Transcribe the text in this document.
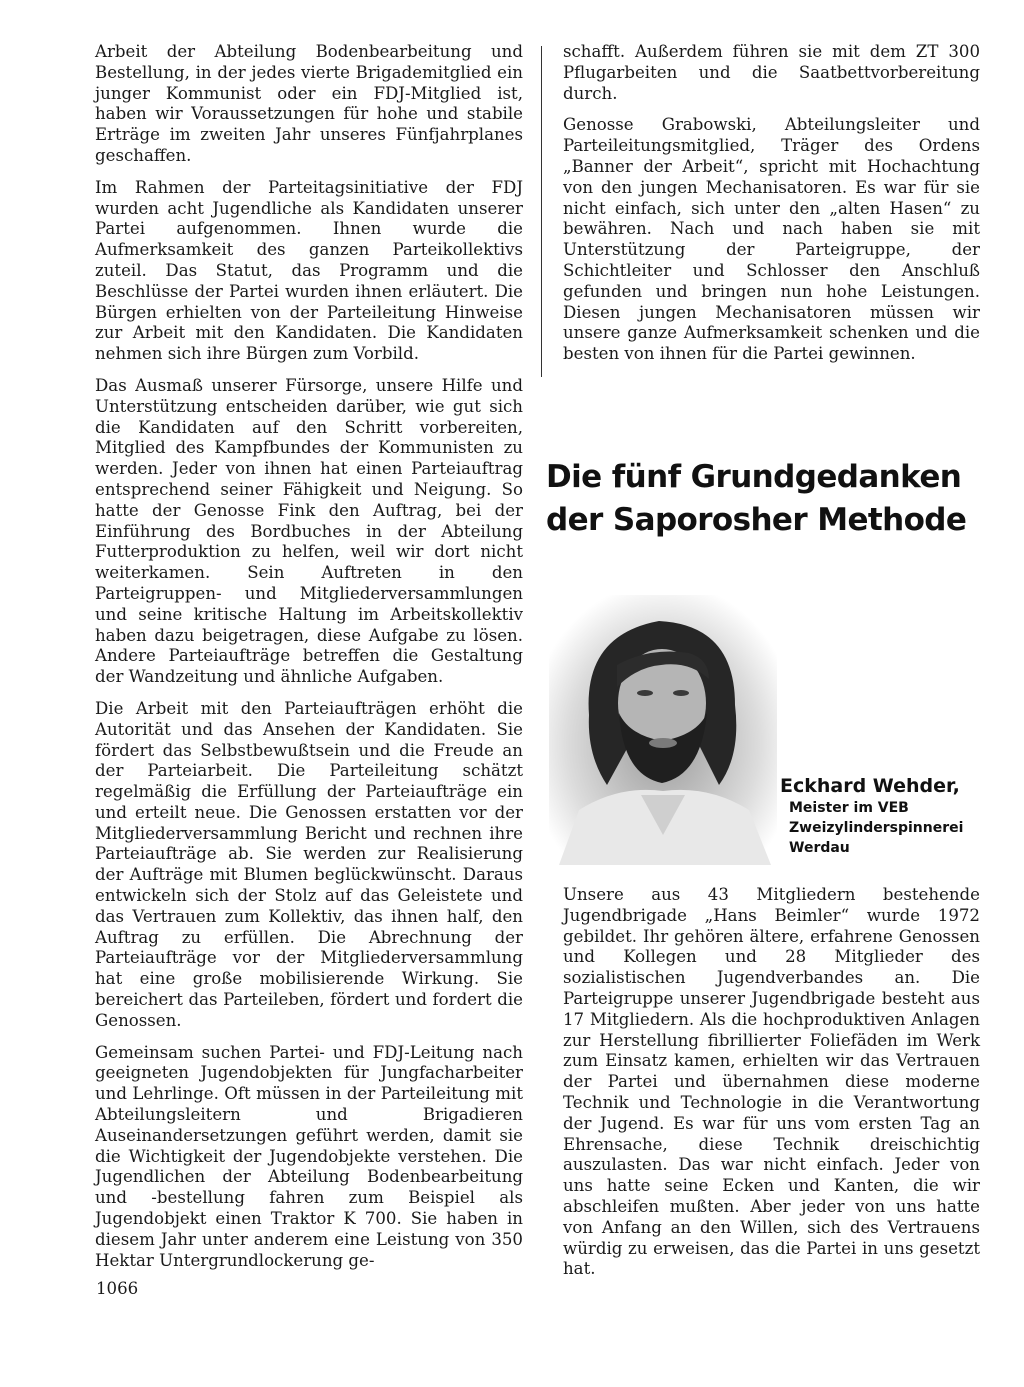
Arbeit der Abteilung Bodenbearbeitung und Bestellung, in der jedes vierte Brigademitglied ein junger Kommunist oder ein FDJ-Mitglied ist, haben wir Voraussetzungen für hohe und stabile Erträge im zweiten Jahr unseres Fünfjahrplanes geschaffen.

Im Rahmen der Parteitagsinitiative der FDJ wurden acht Jugendliche als Kandidaten unserer Partei aufgenommen. Ihnen wurde die Aufmerksamkeit des ganzen Parteikollektivs zuteil. Das Statut, das Programm und die Beschlüsse der Partei wurden ihnen erläutert. Die Bürgen erhielten von der Parteileitung Hinweise zur Arbeit mit den Kandidaten. Die Kandidaten nehmen sich ihre Bürgen zum Vorbild.

Das Ausmaß unserer Fürsorge, unsere Hilfe und Unterstützung entscheiden darüber, wie gut sich die Kandidaten auf den Schritt vorbereiten, Mitglied des Kampfbundes der Kommunisten zu werden. Jeder von ihnen hat einen Parteiauftrag entsprechend seiner Fähigkeit und Neigung. So hatte der Genosse Fink den Auftrag, bei der Einführung des Bordbuches in der Abteilung Futterproduktion zu helfen, weil wir dort nicht weiterkamen. Sein Auftreten in den Parteigruppen- und Mitgliederversammlungen und seine kritische Haltung im Arbeitskollektiv haben dazu beigetragen, diese Aufgabe zu lösen. Andere Parteiaufträge betreffen die Gestaltung der Wandzeitung und ähnliche Aufgaben.

Die Arbeit mit den Parteiaufträgen erhöht die Autorität und das Ansehen der Kandidaten. Sie fördert das Selbstbewußtsein und die Freude an der Parteiarbeit. Die Parteileitung schätzt regelmäßig die Erfüllung der Parteiaufträge ein und erteilt neue. Die Genossen erstatten vor der Mitgliederversammlung Bericht und rechnen ihre Parteiaufträge ab. Sie werden zur Realisierung der Aufträge mit Blumen beglückwünscht. Daraus entwickeln sich der Stolz auf das Geleistete und das Vertrauen zum Kollektiv, das ihnen half, den Auftrag zu erfüllen. Die Abrechnung der Parteiaufträge vor der Mitgliederversammlung hat eine große mobilisierende Wirkung. Sie bereichert das Parteileben, fördert und fordert die Genossen.

Gemeinsam suchen Partei- und FDJ-Leitung nach geeigneten Jugendobjekten für Jungfacharbeiter und Lehrlinge. Oft müssen in der Parteileitung mit Abteilungsleitern und Brigadieren Auseinandersetzungen geführt werden, damit sie die Wichtigkeit der Jugendobjekte verstehen. Die Jugendlichen der Abteilung Bodenbearbeitung und -bestellung fahren zum Beispiel als Jugendobjekt einen Traktor K 700. Sie haben in diesem Jahr unter anderem eine Leistung von 350 Hektar Untergrundlockerung ge-

schafft. Außerdem führen sie mit dem ZT 300 Pflugarbeiten und die Saatbettvorbereitung durch.

Genosse Grabowski, Abteilungsleiter und Parteileitungsmitglied, Träger des Ordens „Banner der Arbeit“, spricht mit Hochachtung von den jungen Mechanisatoren. Es war für sie nicht einfach, sich unter den „alten Hasen“ zu bewähren. Nach und nach haben sie mit Unterstützung der Parteigruppe, der Schichtleiter und Schlosser den Anschluß gefunden und bringen nun hohe Leistungen. Diesen jungen Mechanisatoren müssen wir unsere ganze Aufmerksamkeit schenken und die besten von ihnen für die Partei gewinnen.

Die fünf Grundgedanken
der Saporosher Methode
Eckhard Wehder,
Meister im VEB
Zweizylinderspinnerei
Werdau

Unsere aus 43 Mitgliedern bestehende Jugendbrigade „Hans Beimler“ wurde 1972 gebildet. Ihr gehören ältere, erfahrene Genossen und Kollegen und 28 Mitglieder des sozialistischen Jugendverbandes an. Die Parteigruppe unserer Jugendbrigade besteht aus 17 Mitgliedern. Als die hochproduktiven Anlagen zur Herstellung fibrillierter Foliefäden im Werk zum Einsatz kamen, erhielten wir das Vertrauen der Partei und übernahmen diese moderne Technik und Technologie in die Verantwortung der Jugend. Es war für uns vom ersten Tag an Ehrensache, diese Technik dreischichtig auszulasten. Das war nicht einfach. Jeder von uns hatte seine Ecken und Kanten, die wir abschleifen mußten. Aber jeder von uns hatte von Anfang an den Willen, sich des Vertrauens würdig zu erweisen, das die Partei in uns gesetzt hat.

1066
